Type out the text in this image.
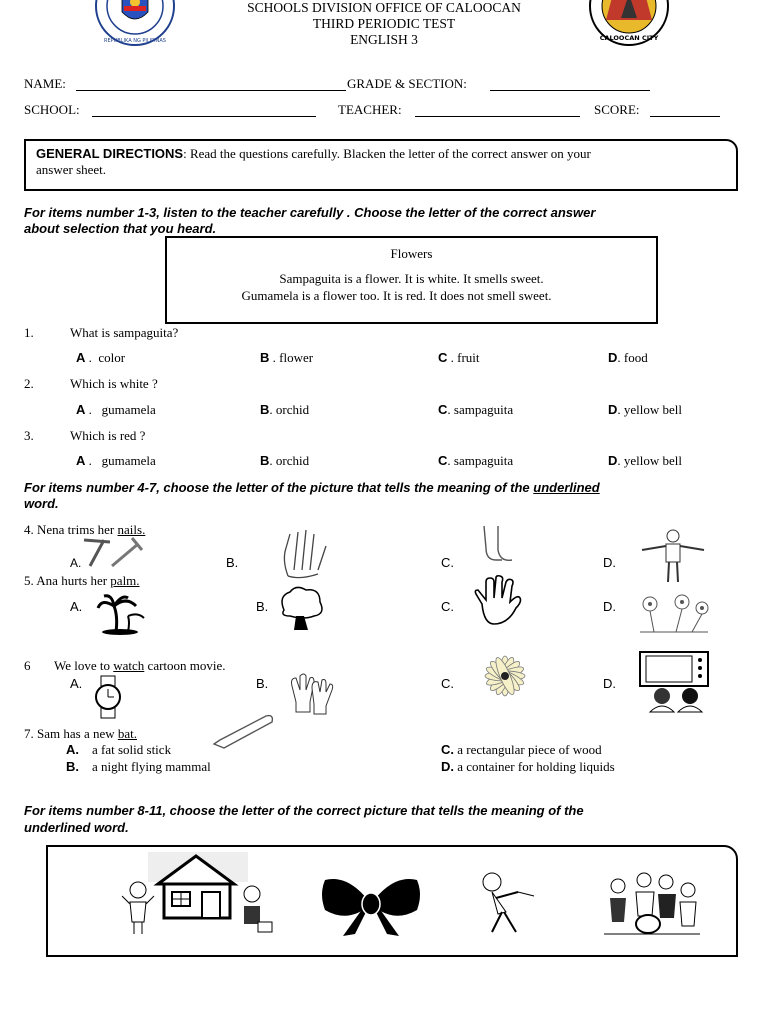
REPUBLIKA NG PILIPINAS
SCHOOLS DIVISION OFFICE OF CALOOCAN
THIRD PERIODIC TEST
ENGLISH 3	CALOOCAN CITY
NAME:	GRADE & SECTION:
SCHOOL:	TEACHER:	SCORE:
GENERAL DIRECTIONS: Read the questions carefully. Blacken the letter of the correct answer on your
answer sheet.
For items number 1-3, listen to the teacher carefully . Choose the letter of the correct answer
about selection that you heard.
Flowers
Sampaguita is a flower. It is white. It smells sweet.
Gumamela is a flower too. It is red. It does not smell sweet.
1.	What is sampaguita?
A . color	B . flower	C . fruit	D. food
2.	Which is white ?
A . gumamela	B. orchid	C. sampaguita	D. yellow bell
3.	Which is red ?
A . gumamela	B. orchid	C. sampaguita	D. yellow bell
For items number 4-7, choose the letter of the picture that tells the meaning of the underlined
word.
4. Nena trims her nails.
A.	B.	C.	D.
5. Ana hurts her palm.
A.	B.	C.	D.
6 We love to watch cartoon movie.
A.	B.	C.	D.
7. Sam has a new bat.
A. a fat solid stick
B. a night flying mammal
C. a rectangular piece of wood
D. a container for holding liquids
For items number 8-11, choose the letter of the correct picture that tells the meaning of the
underlined word.
